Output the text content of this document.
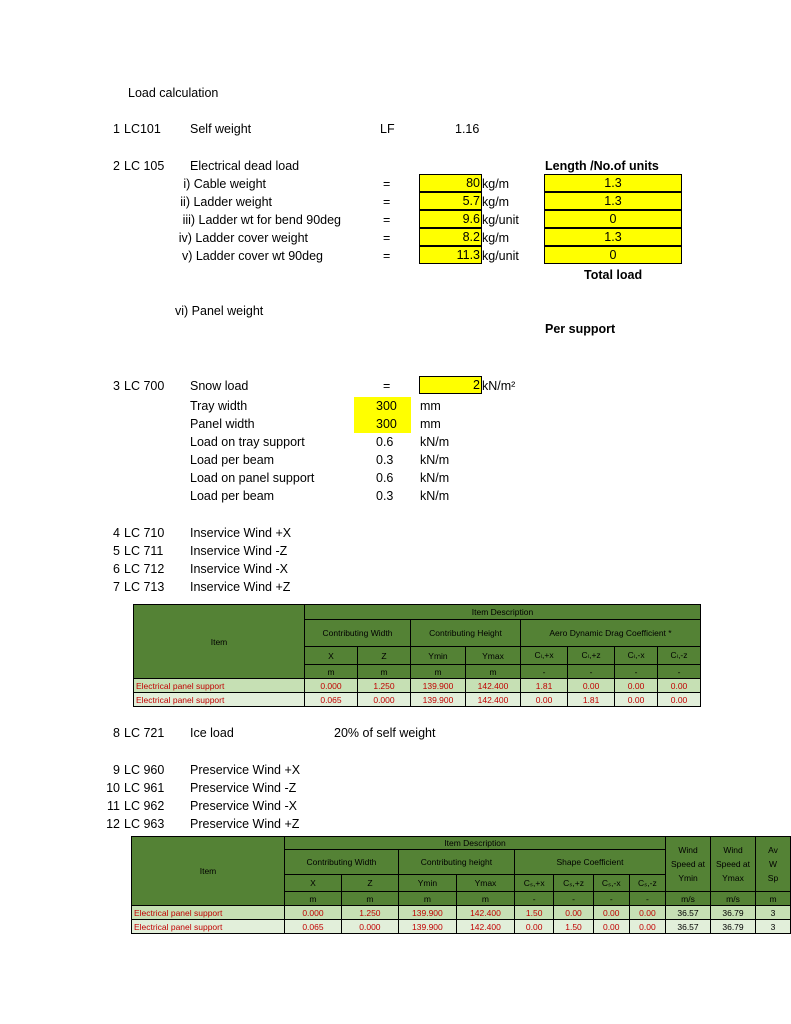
Load calculation
1 LC101 Self weight	LF	1.16
2 LC 105 Electrical dead load	Length /No.of units
i) Cable weight	=	80 kg/m	1.3
ii) Ladder weight	=	5.7 kg/m	1.3
iii) Ladder wt for bend 90deg	=	9.6 kg/unit	0
iv) Ladder cover weight	=	8.2 kg/m	1.3
v) Ladder cover wt 90deg	=	11.3 kg/unit	0
Total load
vi) Panel weight
Per support
3 LC 700 Snow load	=	2 kN/m²
Tray width	300	mm
Panel width	300	mm
Load on tray support	0.6 kN/m
Load per beam	0.3 kN/m
Load on panel support	0.6 kN/m
Load per beam	0.3 kN/m
4 LC 710 Inservice Wind +X
5 LC 711 Inservice Wind -Z
6 LC 712 Inservice Wind -X
7 LC 713 Inservice Wind +Z
Item	Item Description							
	Contributing Width		Contributing Height		Aero Dynamic Drag Coefficient *			
	X	Z	Ymin	Ymax	Cₗ,+x	Cₗ,+z	Cₗ,-x	Cₗ,-z
	m	m	m	m	-	-	-	-
Electrical panel support	0.000	1.250	139.900	142.400	1.81	0.00	0.00	0.00
Electrical panel support	0.065	0.000	139.900	142.400	0.00	1.81	0.00	0.00
8 LC 721 Ice load	20% of self weight
9 LC 960 Preservice Wind +X
10 LC 961 Preservice Wind -Z
11 LC 962 Preservice Wind -X
12 LC 963 Preservice Wind +Z
Item	Item Description								Wind Speed at Ymin	Wind Speed at Ymax	Av
W
Sp
	Contributing Width		Contributing height		Shape Coefficient						
	X	Z	Ymin	Ymax	Cₛ,+x	Cₛ,+z	Cₛ,-x	Cₛ,-z			
	m	m	m	m	-	-	-	-	m/s	m/s	m
Electrical panel support	0.000	1.250	139.900	142.400	1.50	0.00	0.00	0.00	36.57	36.79	3
Electrical panel support	0.065	0.000	139.900	142.400	0.00	1.50	0.00	0.00	36.57	36.79	3
